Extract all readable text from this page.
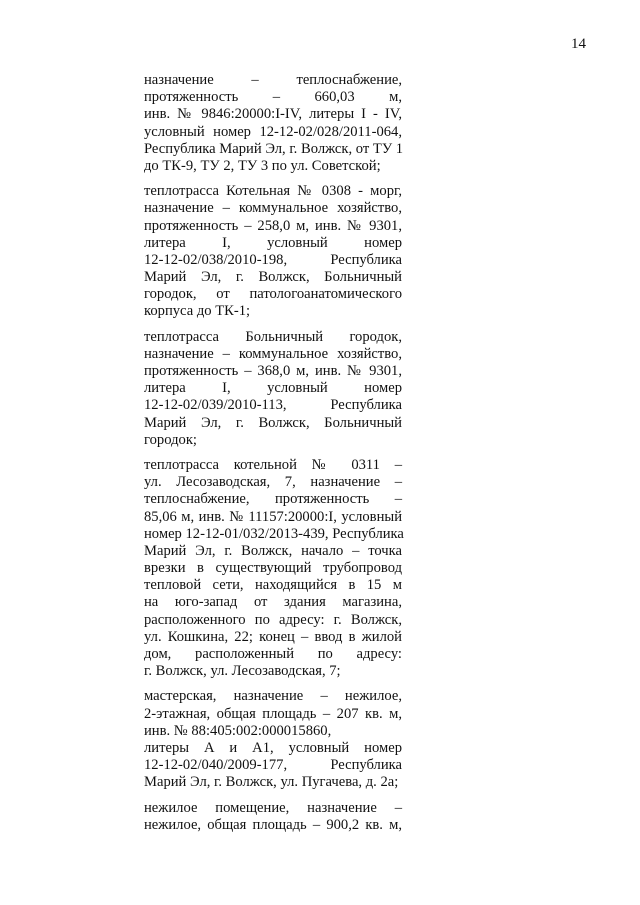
14
назначение – теплоснабжение,
протяженность – 660,03 м,
инв. № 9846:20000:I-IV, литеры I - IV,
условный номер 12-12-02/028/2011-064,
Республика Марий Эл, г. Волжск, от ТУ 1
до ТК-9, ТУ 2, ТУ 3 по ул. Советской;
теплотрасса Котельная № 0308 - морг,
назначение – коммунальное хозяйство,
протяженность – 258,0 м, инв. № 9301,
литера I, условный номер
12-12-02/038/2010-198, Республика
Марий Эл, г. Волжск, Больничный
городок, от патологоанатомического
корпуса до ТК-1;
теплотрасса Больничный городок,
назначение – коммунальное хозяйство,
протяженность – 368,0 м, инв. № 9301,
литера I, условный номер
12-12-02/039/2010-113, Республика
Марий Эл, г. Волжск, Больничный
городок;
теплотрасса котельной № 0311 –
ул. Лесозаводская, 7, назначение –
теплоснабжение, протяженность –
85,06 м, инв. № 11157:20000:I, условный
номер 12-12-01/032/2013-439, Республика
Марий Эл, г. Волжск, начало – точка
врезки в существующий трубопровод
тепловой сети, находящийся в 15 м
на юго-запад от здания магазина,
расположенного по адресу: г. Волжск,
ул. Кошкина, 22; конец – ввод в жилой
дом, расположенный по адресу:
г. Волжск, ул. Лесозаводская, 7;
мастерская, назначение – нежилое,
2-этажная, общая площадь – 207 кв. м,
инв. № 88:405:002:000015860,
литеры А и А1, условный номер
12-12-02/040/2009-177, Республика
Марий Эл, г. Волжск, ул. Пугачева, д. 2а;
нежилое помещение, назначение –
нежилое, общая площадь – 900,2 кв. м,
